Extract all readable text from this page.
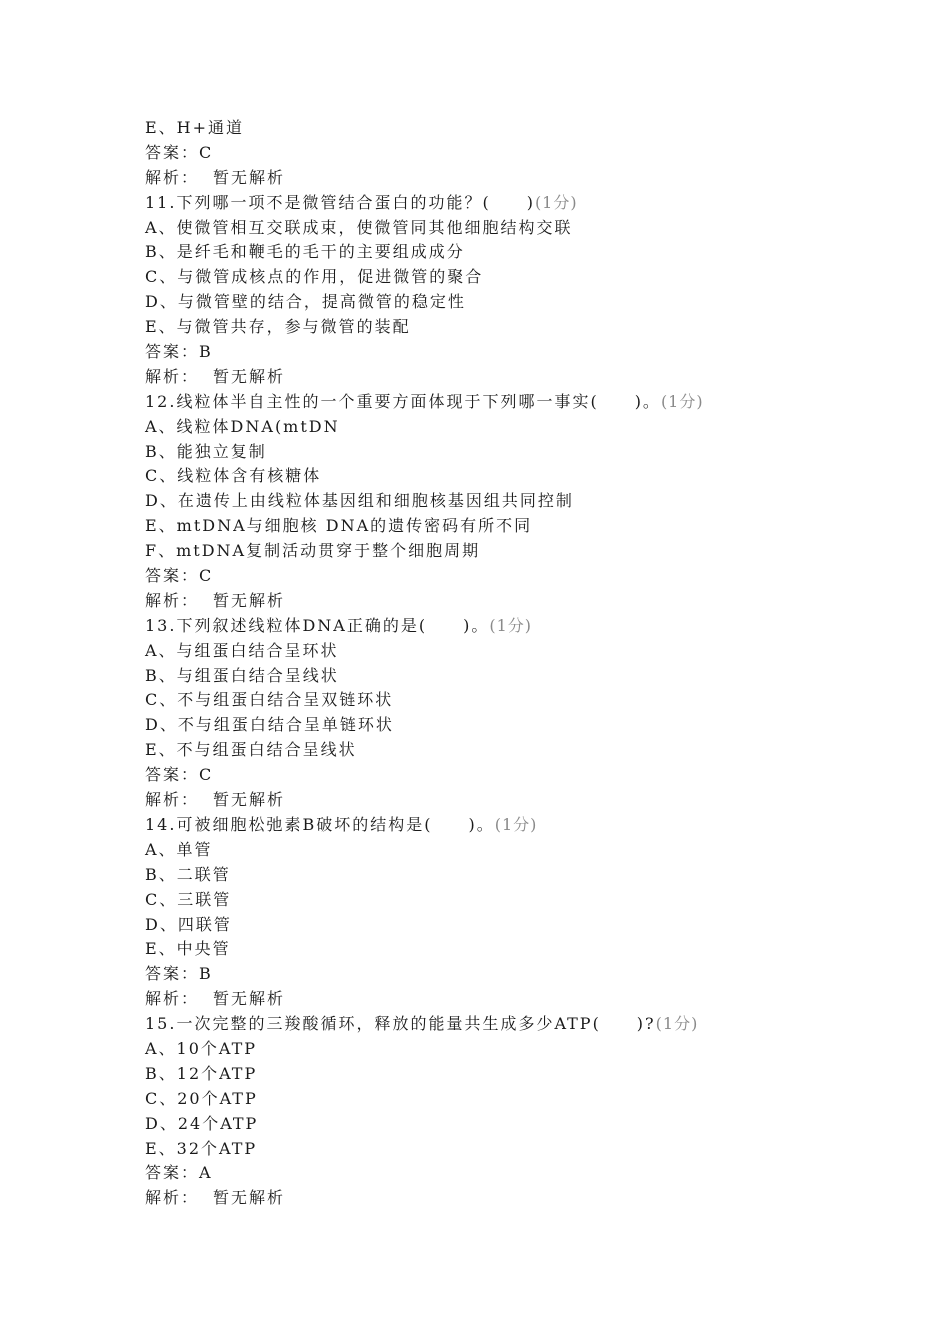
E、H+通道
答案：C
解析： 暂无解析
11.下列哪一项不是微管结合蛋白的功能？(　　)(1分)
A、使微管相互交联成束，使微管同其他细胞结构交联
B、是纤毛和鞭毛的毛干的主要组成成分
C、与微管成核点的作用，促进微管的聚合
D、与微管壁的结合，提高微管的稳定性
E、与微管共存，参与微管的装配
答案：B
解析： 暂无解析
12.线粒体半自主性的一个重要方面体现于下列哪一事实(　　)。(1分)
A、线粒体DNA(mtDN
B、能独立复制
C、线粒体含有核糖体
D、在遗传上由线粒体基因组和细胞核基因组共同控制
E、mtDNA与细胞核 DNA的遗传密码有所不同
F、mtDNA复制活动贯穿于整个细胞周期
答案：C
解析： 暂无解析
13.下列叙述线粒体DNA正确的是(　　)。(1分)
A、与组蛋白结合呈环状
B、与组蛋白结合呈线状
C、不与组蛋白结合呈双链环状
D、不与组蛋白结合呈单链环状
E、不与组蛋白结合呈线状
答案：C
解析： 暂无解析
14.可被细胞松弛素B破坏的结构是(　　)。(1分)
A、单管
B、二联管
C、三联管
D、四联管
E、中央管
答案：B
解析： 暂无解析
15.一次完整的三羧酸循环，释放的能量共生成多少ATP(　　)?(1分)
A、10个ATP
B、12个ATP
C、20个ATP
D、24个ATP
E、32个ATP
答案：A
解析： 暂无解析
